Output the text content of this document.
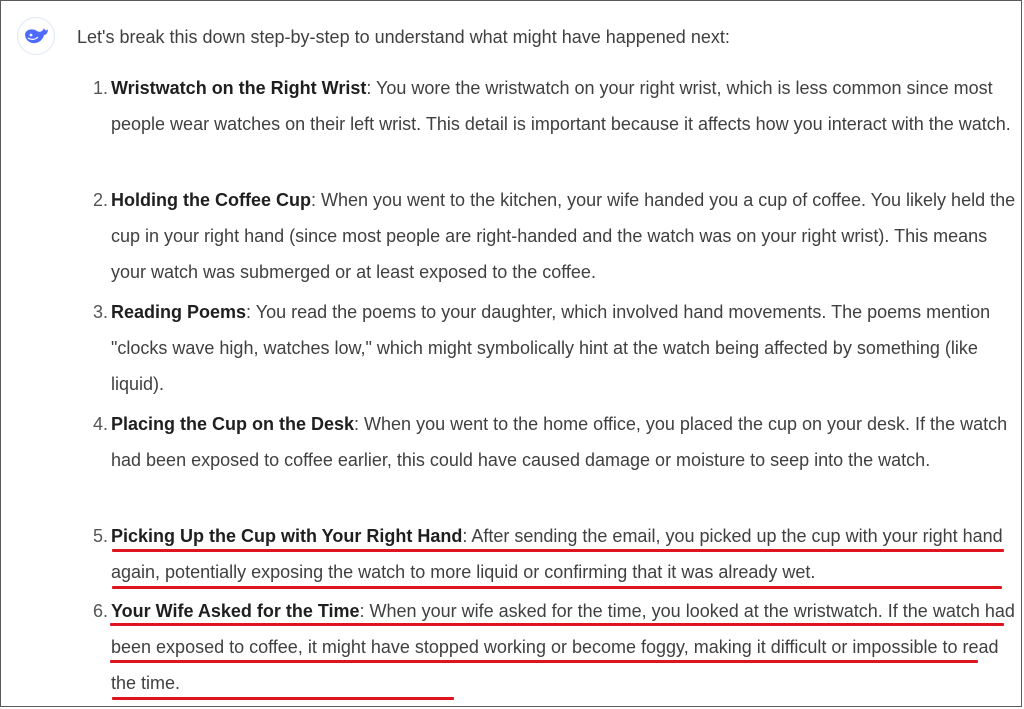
Let's break this down step-by-step to understand what might have happened next:
1. Wristwatch on the Right Wrist: You wore the wristwatch on your right wrist, which is less common since most people wear watches on their left wrist. This detail is important because it affects how you interact with the watch.
2. Holding the Coffee Cup: When you went to the kitchen, your wife handed you a cup of coffee. You likely held the cup in your right hand (since most people are right-handed and the watch was on your right wrist). This means your watch was submerged or at least exposed to the coffee.
3. Reading Poems: You read the poems to your daughter, which involved hand movements. The poems mention "clocks wave high, watches low," which might symbolically hint at the watch being affected by something (like liquid).
4. Placing the Cup on the Desk: When you went to the home office, you placed the cup on your desk. If the watch had been exposed to coffee earlier, this could have caused damage or moisture to seep into the watch.
5. Picking Up the Cup with Your Right Hand: After sending the email, you picked up the cup with your right hand again, potentially exposing the watch to more liquid or confirming that it was already wet.
6. Your Wife Asked for the Time: When your wife asked for the time, you looked at the wristwatch. If the watch had been exposed to coffee, it might have stopped working or become foggy, making it difficult or impossible to read the time.
